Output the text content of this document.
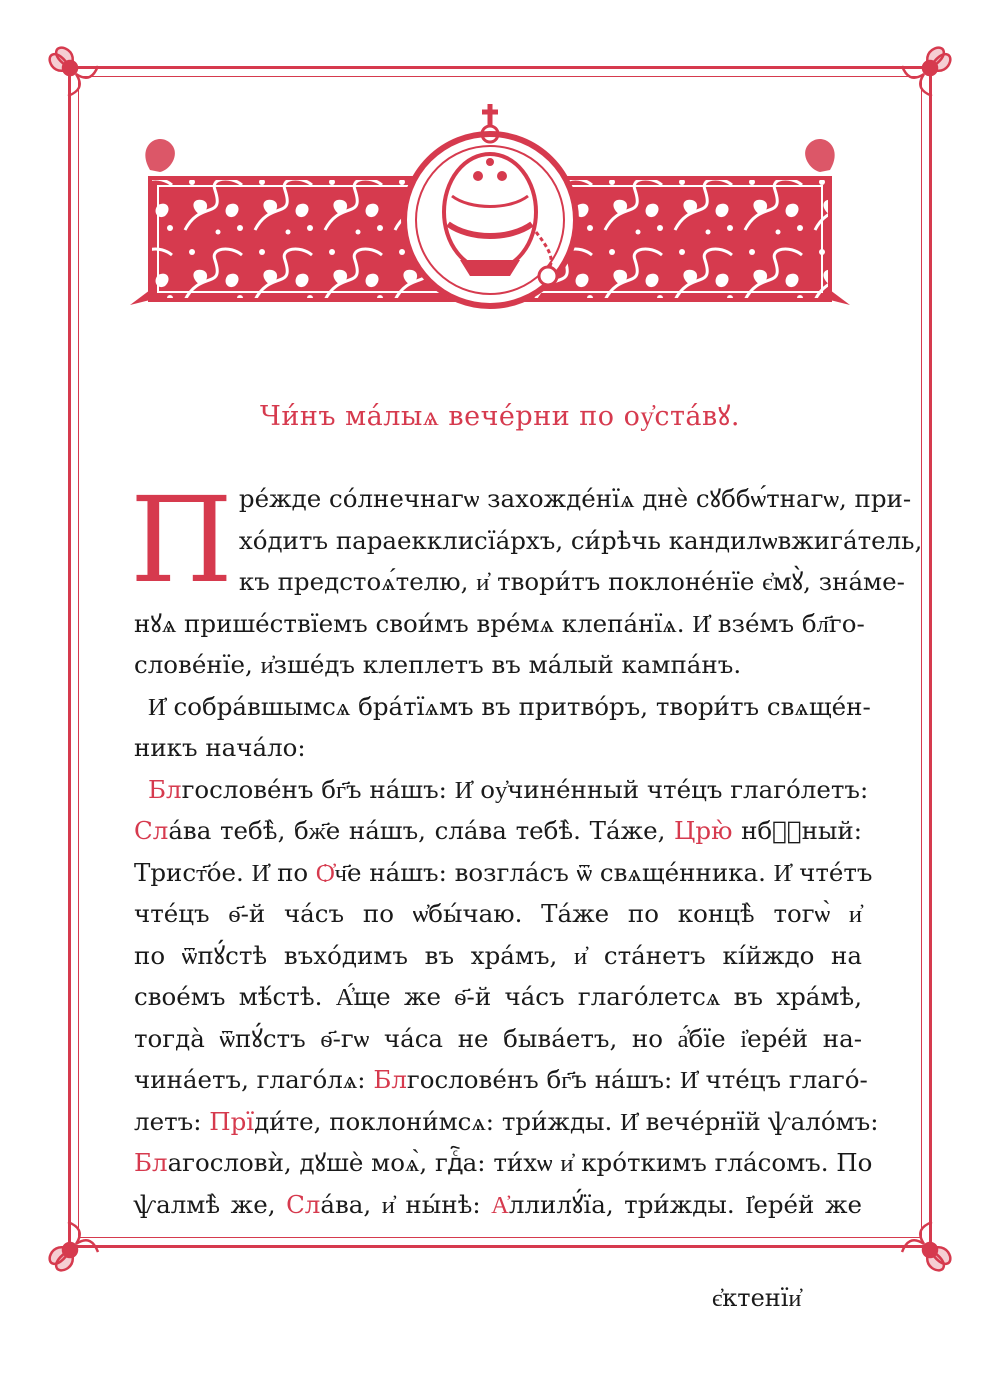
Чи́нъ ма́лыѧ вече́рни по оу҆ста́вꙋ.
П ре́жде со́лнечнагѡ захожде́нїѧ днѐ сꙋббѡ́тнагѡ, при-
хо́дитъ параекклисїа́рхъ, си́рѣчь кандилѡвжига́тель,
къ предстоѧ́телю, и҆ твори́тъ поклоне́нїе є҆мꙋ̀, зна́ме-
нꙋѧ прише́ствїемъ свои́мъ вре́мѧ клепа́нїѧ. И҆ взе́мъ бл҃го-
слове́нїе, и҆зше́дъ клеплетъ въ ма́лый кампа́нъ.
И҆ собра́вшымсѧ бра́тїѧмъ въ притво́ръ, твори́тъ свѧще́н-
никъ нача́ло:
Блгослове́нъ бг҃ъ на́шъ: И҆ оу҆чине́нный чте́цъ глаго́летъ:
Сла́ва тебѣ̀, бж҃е на́шъ, сла́ва тебѣ̀. Та́же, Црю̀ нбⷭ҇ный:
Трист҃о́е. И҆ по Ѻ҆ч҃е на́шъ: возгла́съ ѿ свѧще́нника. И҆ чте́тъ
чте́цъ ѳ҃-й ча́съ по ѡ҆бы́чаю. Та́же по концѣ̀ тогѡ̀ и҆
по ѿпꙋ́стѣ въхо́димъ въ хра́мъ, и҆ ста́нетъ кі́йждо на
свое́мъ мѣ́стѣ. А҆́ще же ѳ҃-й ча́съ глаго́летсѧ въ хра́мѣ,
тогда̀ ѿпꙋ́стъ ѳ҃-гѡ ча́са не быва́етъ, но а҆́бїе і҆ере́й на-
чина́етъ, глаго́лѧ: Блгослове́нъ бг҃ъ на́шъ: И҆ чте́цъ глаго́-
летъ: Прїди́те, поклони́мсѧ: три́жды. И҆ вече́рнїй ѱало́мъ:
Благословѝ, дꙋшѐ моѧ̀, гдⷭ҇а: ти́хѡ и҆ кро́ткимъ гла́сомъ. По
ѱалмѣ̀ же, Сла́ва, и҆ ны́нѣ: А҆ллилꙋ́їа, три́жды. І҆ере́й же
є҆ктенїи҆
